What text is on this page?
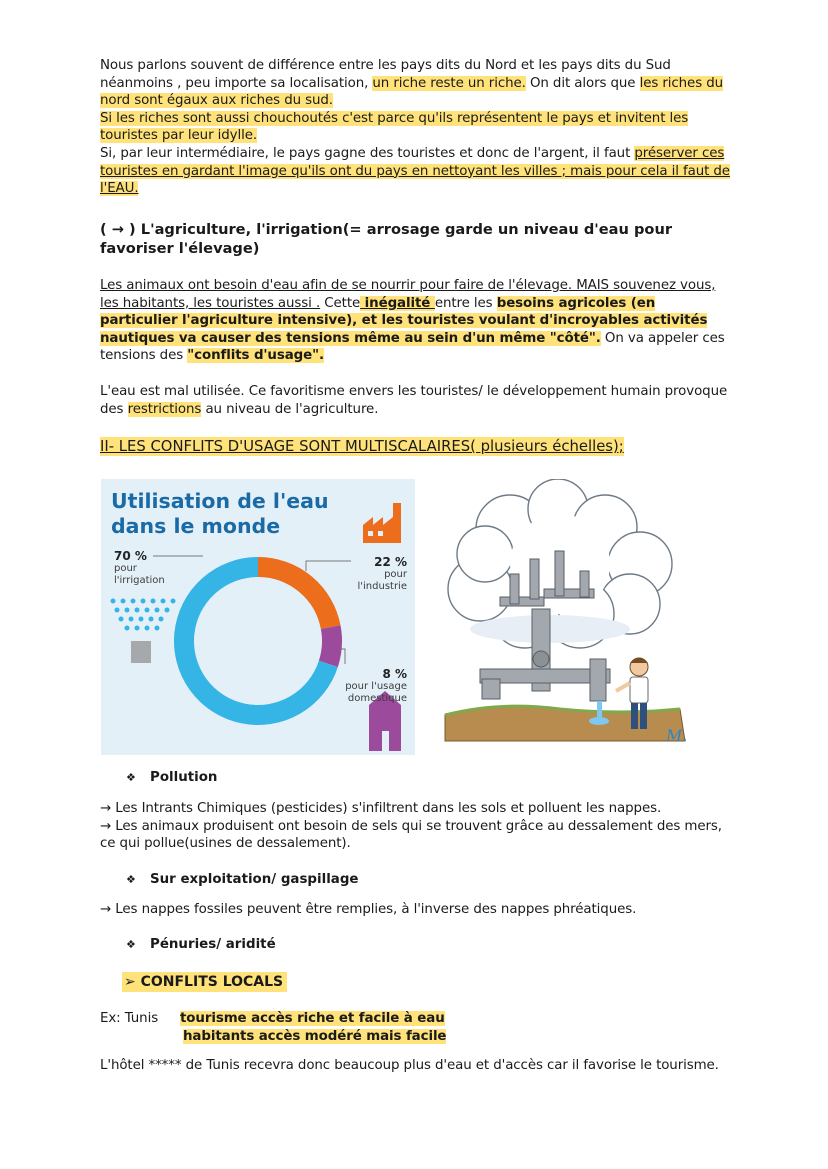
Nous parlons souvent de différence entre les pays dits du Nord et les pays dits du Sud néanmoins , peu importe sa localisation, un riche reste un riche. On dit alors que les riches du nord sont égaux aux riches du sud.
Si les riches sont aussi chouchoutés c'est parce qu'ils représentent le pays et invitent les touristes par leur idylle.
Si, par leur intermédiaire, le pays gagne des touristes et donc de l'argent, il faut préserver ces touristes en gardant l'image qu'ils ont du pays en nettoyant les villes ; mais pour cela il faut de l'EAU.
( → ) L'agriculture, l'irrigation(= arrosage garde un niveau d'eau pour favoriser l'élevage)
Les animaux ont besoin d'eau afin de se nourrir pour faire de l'élevage. MAIS souvenez vous, les habitants, les touristes aussi . Cette inégalité entre les besoins agricoles (en particulier l'agriculture intensive), et les touristes voulant d'incroyables activités nautiques va causer des tensions même au sein d'un même "côté". On va appeler ces tensions des "conflits d'usage".
L'eau est mal utilisée. Ce favoritisme envers les touristes/ le développement humain provoque des restrictions au niveau de l'agriculture.
II- LES CONFLITS D'USAGE SONT MULTISCALAIRES( plusieurs échelles);
Utilisation de l'eau
dans le monde
70 %
pour
l'irrigation
22 %
pour
l'industrie
8 %
pour l'usage
domestique
M.
❖ Pollution
→ Les Intrants Chimiques (pesticides) s'infiltrent dans les sols et polluent les nappes.
→ Les animaux produisent ont besoin de sels qui se trouvent grâce au dessalement des mers, ce qui pollue(usines de dessalement).
❖ Sur exploitation/ gaspillage
→ Les nappes fossiles peuvent être remplies, à l'inverse des nappes phréatiques.
❖ Pénuries/ aridité
➢ CONFLITS LOCALS
Ex: Tunis tourisme accès riche et facile à eau
habitants accès modéré mais facile
L'hôtel ***** de Tunis recevra donc beaucoup plus d'eau et d'accès car il favorise le tourisme.
